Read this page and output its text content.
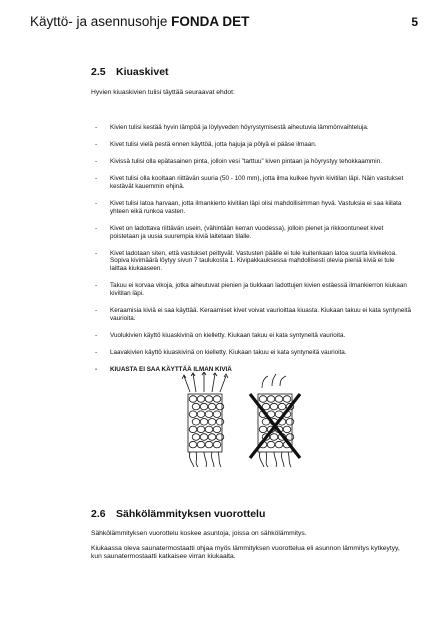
Käyttö- ja asennusohje FONDA DET	5
2.5 Kiuaskivet
Hyvien kiuaskivien tulisi täyttää seuraavat ehdot:
- Kivien tulisi kestää hyvin lämpöä ja löylyveden höyrystymisestä aiheutuvia lämmönvaihteluja.
- Kivet tulisi vielä pestä ennen käyttöä, jotta hajuja ja pölyä ei pääse ilmaan.
- Kivissä tulisi olla epätasainen pinta, jolloin vesi ”tarttuu” kiven pintaan ja höyrystyy tehokkaammin.
- Kivet tulisi olla kooltaan riittävän suuria (50 - 100 mm), jotta ilma kulkee hyvin kivitilan läpi. Näin vastukset kestävät kauemmin ehjinä.
- Kivet tulisi latoa harvaan, jotta ilmankierto kivitilan läpi olisi mahdollisimman hyvä. Vastuksia ei saa kiilata yhteen eikä runkoa vasten.
- Kivet on ladottava riittävän usein, (vähintään kerran vuodessa), jolloin pienet ja rikkoontuneet kivet poistetaan ja uusia suurempia kiviä laitetaan tilalle.
- Kivet ladotaan siten, että vastukset peittyvät. Vastusten päälle ei tule kuitenkaan latoa suurta kivikekoa. Sopiva kivimäärä löytyy sivun 7 taulukosta 1. Kivipakkauksessa mahdollisesti olevia pieniä kiviä ei tule laittaa kiukaaseen.
- Takuu ei korvaa vikoja, jotka aiheutuvat pienien ja tiukkaan ladottujen kivien estäessä ilmankierron kiukaan kivitilan läpi.
- Keraamisia kiviä ei saa käyttää. Keraamiset kivet voivat vaurioittaa kiuasta. Kiukaan takuu ei kata syntyneitä vaurioita.
- Vuolukivien käyttö kiuaskivinä on kielletty. Kiukaan takuu ei kata syntyneitä vaurioita.
- Laavakivien käyttö kiuaskivinä on kielletty. Kiukaan takuu ei kata syntyneitä vaurioita.
- KIUASTA EI SAA KÄYTTÄÄ ILMAN KIVIÄ
2.6 Sähkölämmityksen vuorottelu
Sähkölämmityksen vuorottelu koskee asuntoja, joissa on sähkölämmitys.
Kiukaassa oleva saunatermostaatti ohjaa myös lämmityksen vuorottelua eli asunnon lämmitys kytkeytyy, kun saunatermostaatti katkaisee virran kiukaalta.
